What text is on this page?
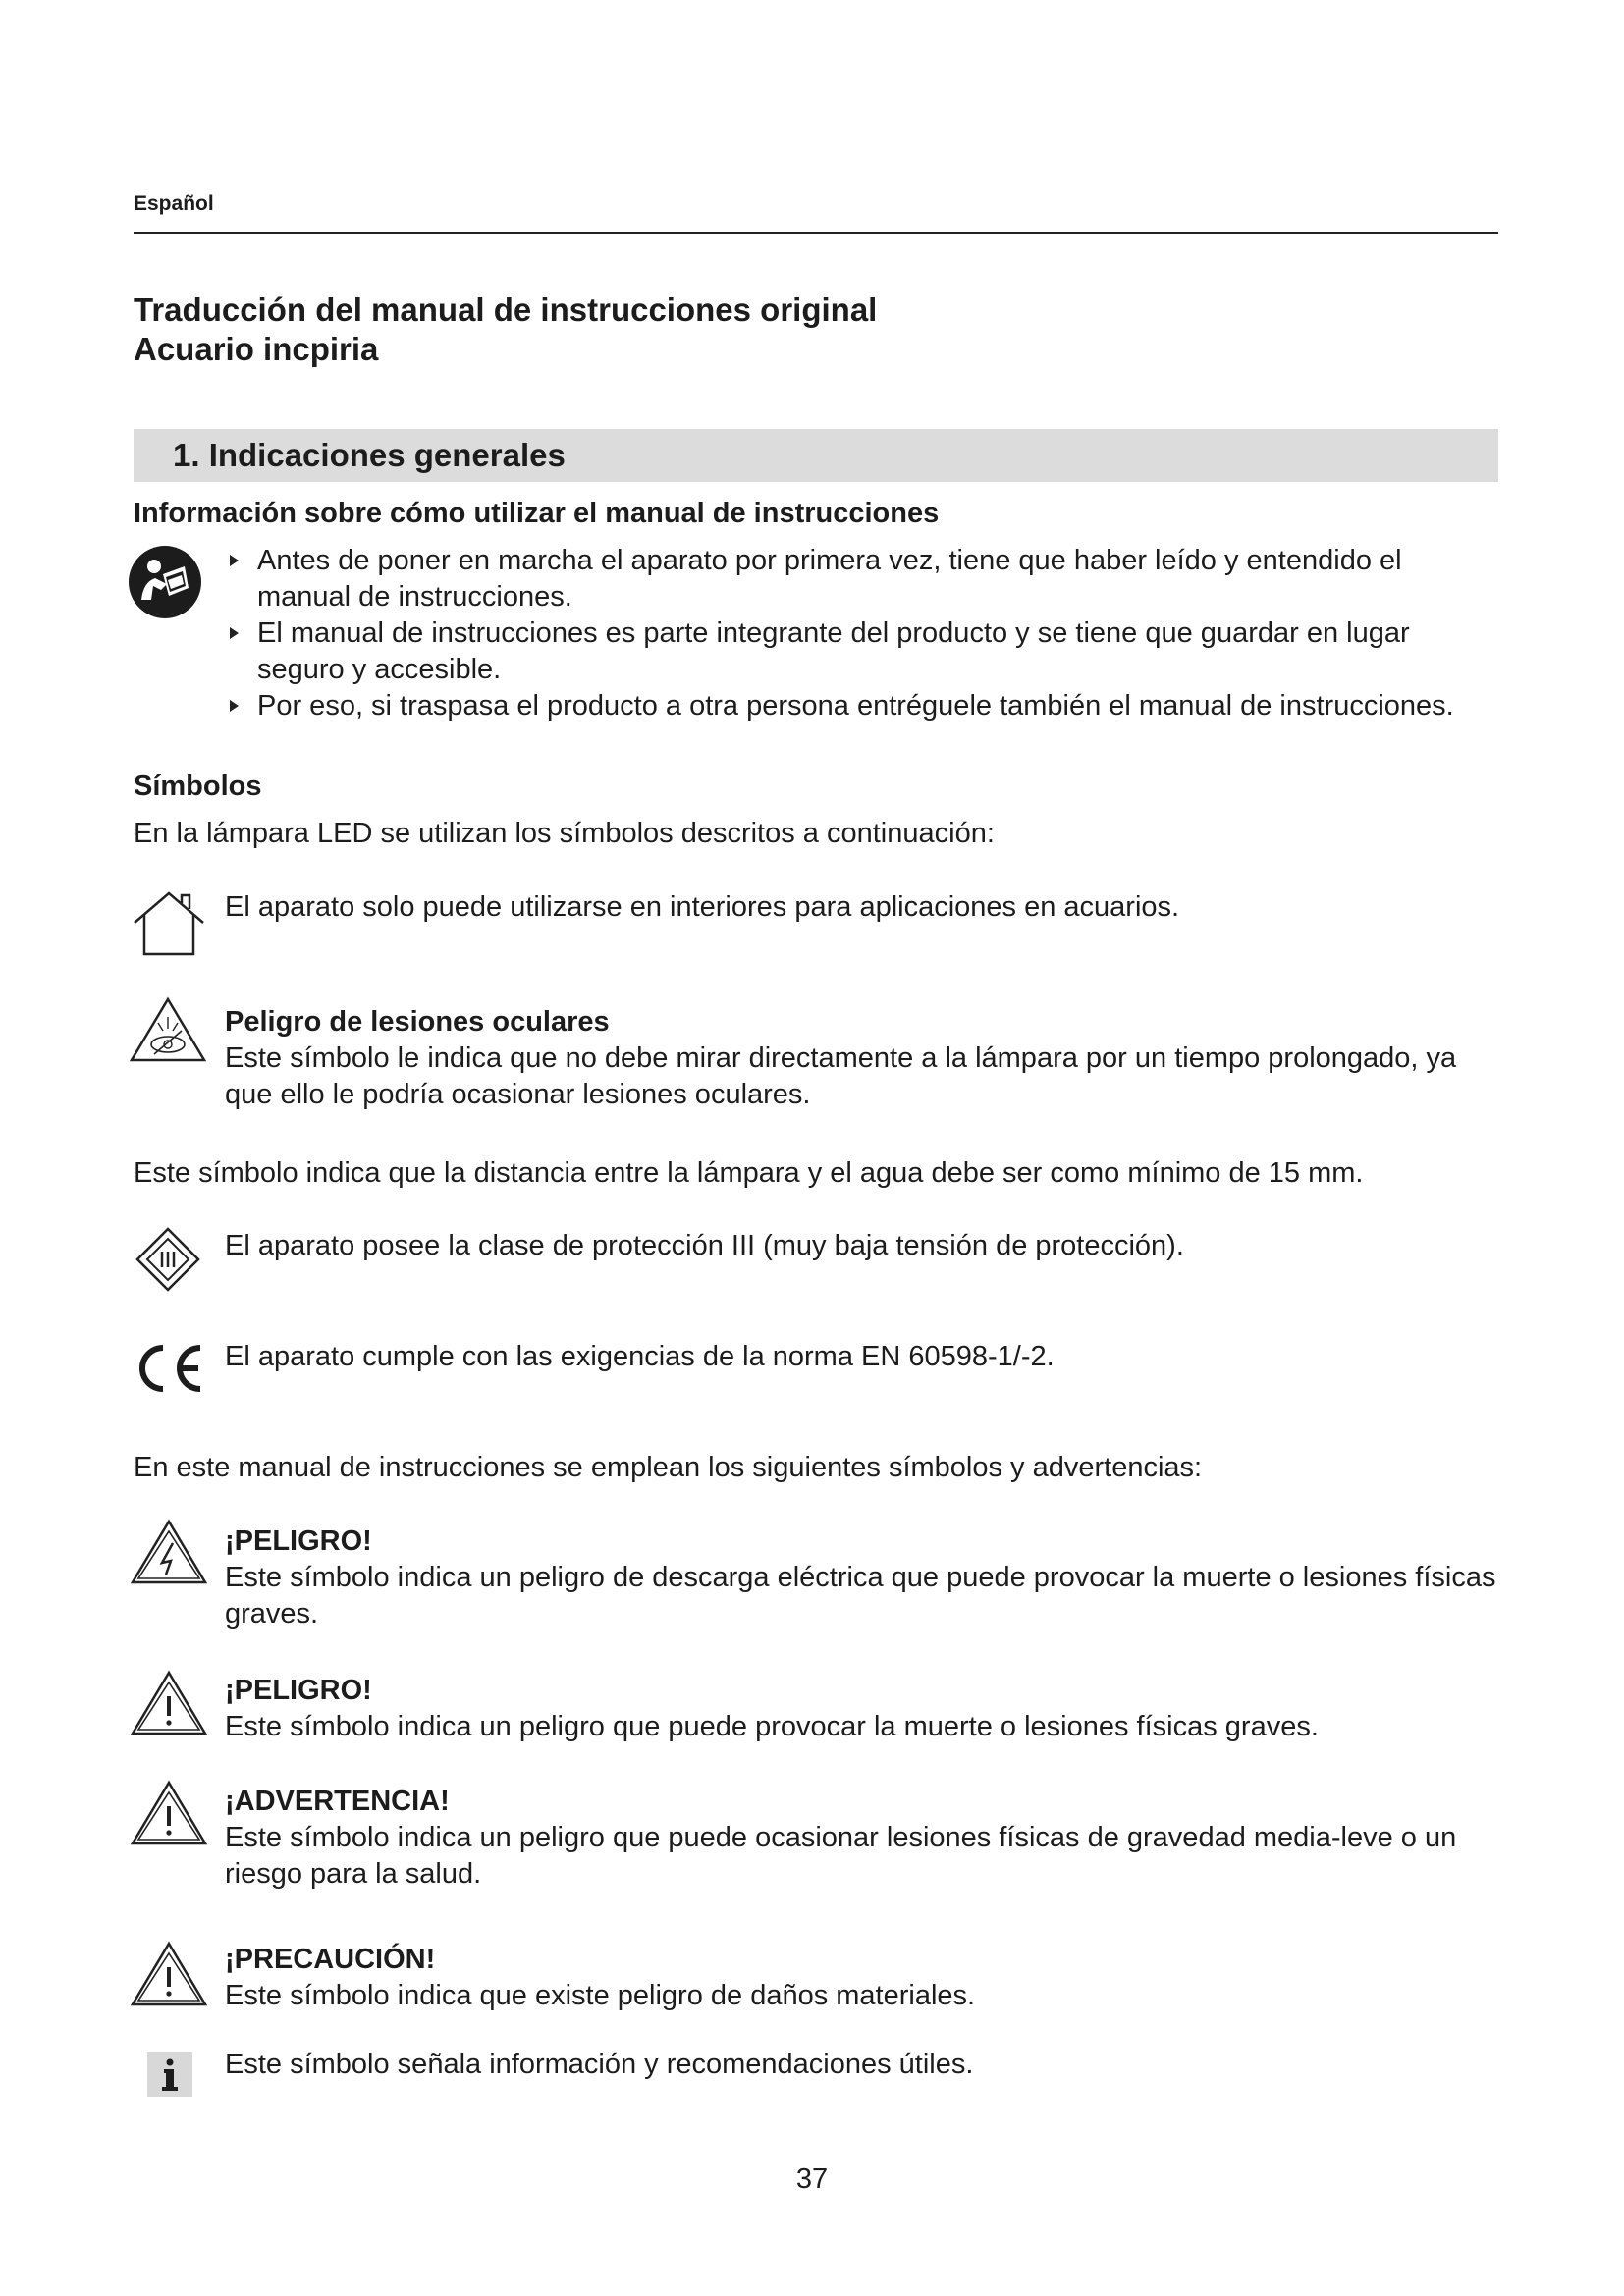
Español
Traducción del manual de instrucciones original
Acuario incpiria
1. Indicaciones generales
Información sobre cómo utilizar el manual de instrucciones
Antes de poner en marcha el aparato por primera vez, tiene que haber leído y entendido el manual de instrucciones.
El manual de instrucciones es parte integrante del producto y se tiene que guardar en lugar seguro y accesible.
Por eso, si traspasa el producto a otra persona entréguele también el manual de instrucciones.
Símbolos
En la lámpara LED se utilizan los símbolos descritos a continuación:
El aparato solo puede utilizarse en interiores para aplicaciones en acuarios.
Peligro de lesiones oculares
Este símbolo le indica que no debe mirar directamente a la lámpara por un tiempo prolongado, ya que ello le podría ocasionar lesiones oculares.
Este símbolo indica que la distancia entre la lámpara y el agua debe ser como mínimo de 15 mm.
El aparato posee la clase de protección III (muy baja tensión de protección).
El aparato cumple con las exigencias de la norma EN 60598-1/-2.
En este manual de instrucciones se emplean los siguientes símbolos y advertencias:
¡PELIGRO!
Este símbolo indica un peligro de descarga eléctrica que puede provocar la muerte o lesiones físicas graves.
¡PELIGRO!
Este símbolo indica un peligro que puede provocar la muerte o lesiones físicas graves.
¡ADVERTENCIA!
Este símbolo indica un peligro que puede ocasionar lesiones físicas de gravedad media-leve o un riesgo para la salud.
¡PRECAUCIÓN!
Este símbolo indica que existe peligro de daños materiales.
Este símbolo señala información y recomendaciones útiles.
37
